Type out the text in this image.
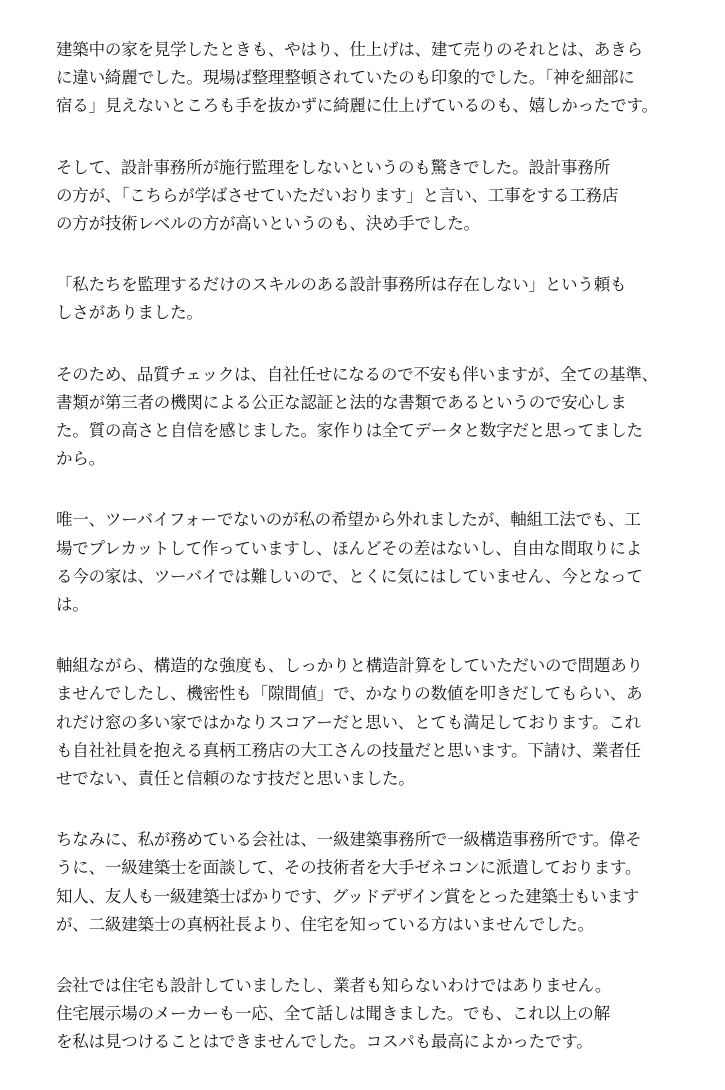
建築中の家を見学したときも、やはり、仕上げは、建て売りのそれとは、あきら
に違い綺麗でした。現場ば整理整頓されていたのも印象的でした。「神を細部に
宿る」見えないところも手を抜かずに綺麗に仕上げているのも、嬉しかったです。
そして、設計事務所が施行監理をしないというのも驚きでした。設計事務所
の方が、「こちらが学ばさせていただいおります」と言い、工事をする工務店
の方が技術レベルの方が高いというのも、決め手でした。
「私たちを監理するだけのスキルのある設計事務所は存在しない」という頼も
しさがありました。
そのため、品質チェックは、自社任せになるので不安も伴いますが、全ての基準、
書類が第三者の機関による公正な認証と法的な書類であるというので安心しま
た。質の高さと自信を感じました。家作りは全てデータと数字だと思ってました
から。
唯一、ツーバイフォーでないのが私の希望から外れましたが、軸組工法でも、工
場でプレカットして作っていますし、ほんどその差はないし、自由な間取りによ
る今の家は、ツーバイでは難しいので、とくに気にはしていません、今となって
は。
軸組ながら、構造的な強度も、しっかりと構造計算をしていただいので問題あり
ませんでしたし、機密性も「隙間値」で、かなりの数値を叩きだしてもらい、あ
れだけ窓の多い家ではかなりスコアーだと思い、とても満足しております。これ
も自社社員を抱える真柄工務店の大工さんの技量だと思います。下請け、業者任
せでない、責任と信頼のなす技だと思いました。
ちなみに、私が務めている会社は、一級建築事務所で一級構造事務所です。偉そ
うに、一級建築士を面談して、その技術者を大手ゼネコンに派遣しております。
知人、友人も一級建築士ばかりです、グッドデザイン賞をとった建築士もいます
が、二級建築士の真柄社長より、住宅を知っている方はいませんでした。
会社では住宅も設計していましたし、業者も知らないわけではありません。
住宅展示場のメーカーも一応、全て話しは聞きました。でも、これ以上の解
を私は見つけることはできませんでした。コスパも最高によかったです。
